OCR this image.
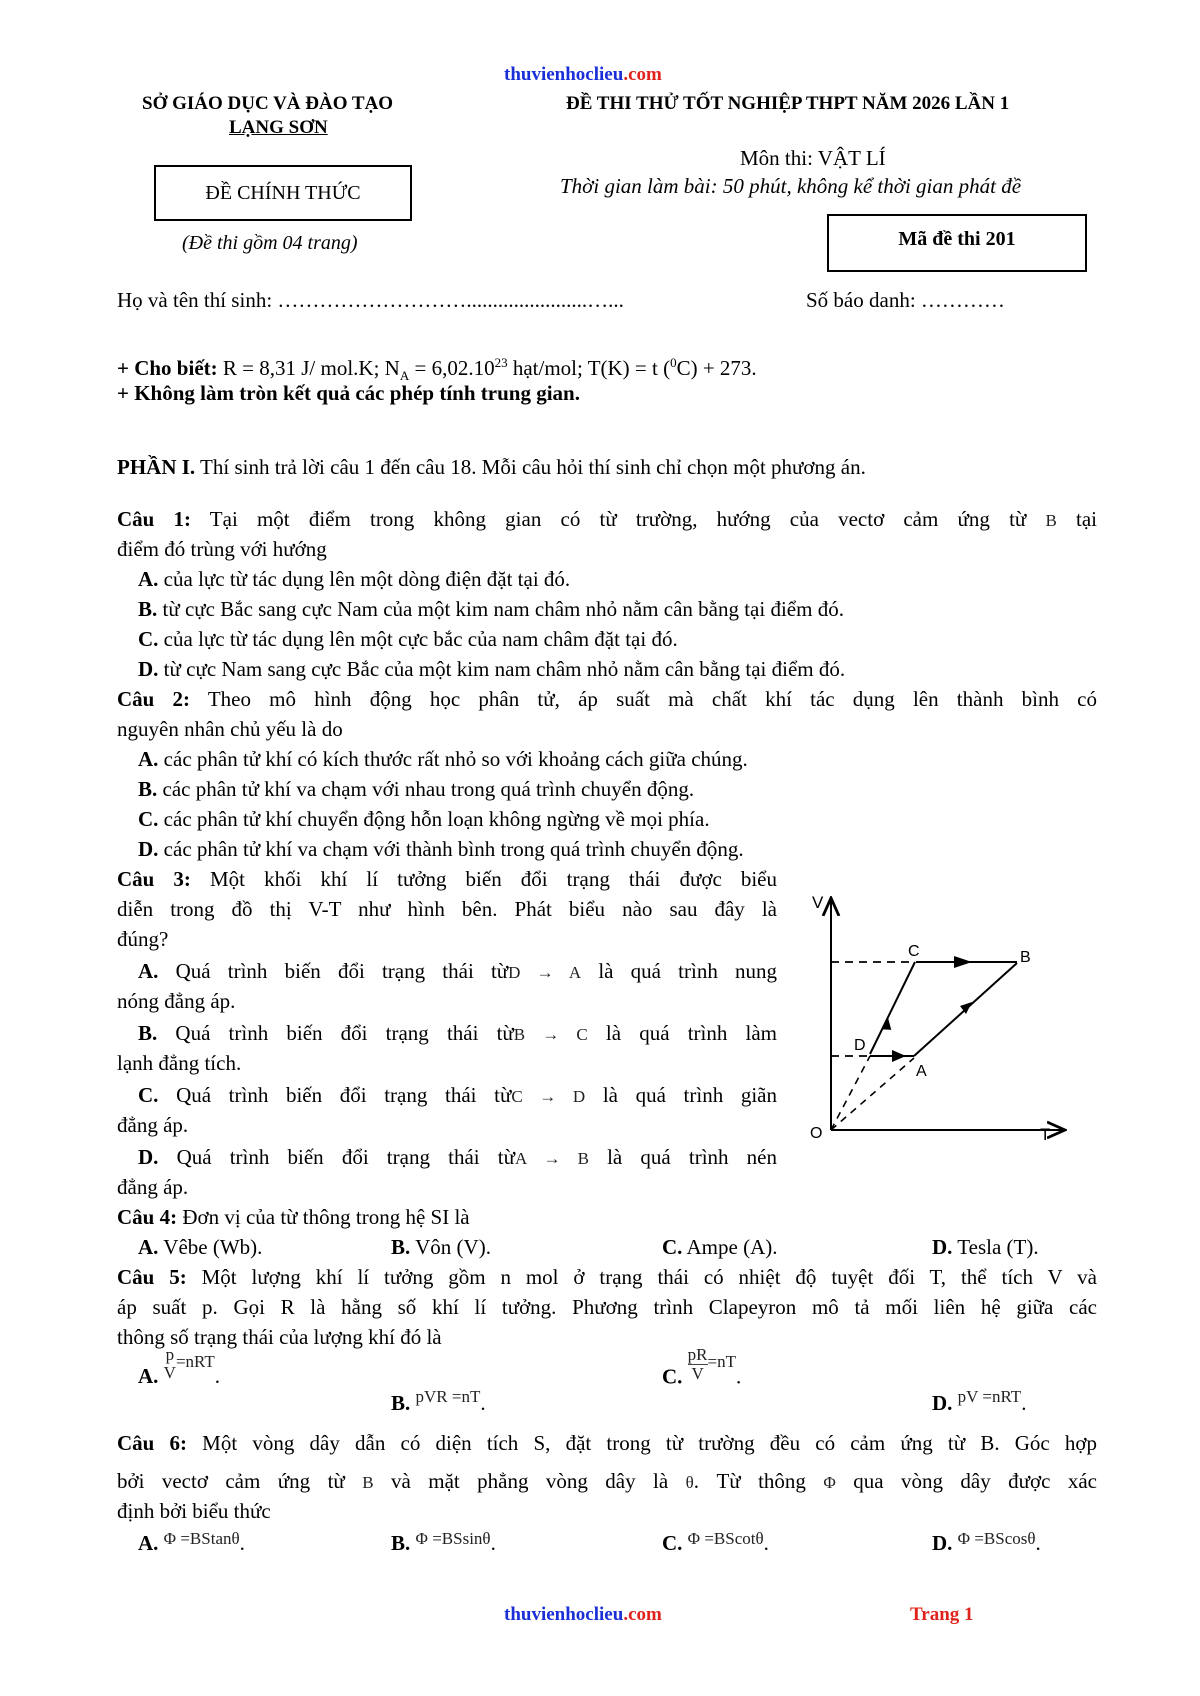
thuvienhoclieu.com
SỞ GIÁO DỤC VÀ ĐÀO TẠO
LẠNG SƠN
ĐỀ THI THỬ TỐT NGHIỆP THPT NĂM 2026 LẦN 1
ĐỀ CHÍNH THỨC
(Đề thi gồm 04 trang)
Môn thi: VẬT LÍ
Thời gian làm bài: 50 phút, không kể thời gian phát đề
Mã đề thi 201
Họ và tên thí sinh: ……………………….......................…...	Số báo danh: …………
+ Cho biết: R = 8,31 J/ mol.K; $N_A = 6,02.10^{23}$ hạt/mol; T(K) = t ($^0$C) + 273.
+ Không làm tròn kết quả các phép tính trung gian.
PHẦN I. Thí sinh trả lời câu 1 đến câu 18. Mỗi câu hỏi thí sinh chỉ chọn một phương án.
Câu 1: Tại một điểm trong không gian có từ trường, hướng của vectơ cảm ứng từ B tại
điểm đó trùng với hướng
A. của lực từ tác dụng lên một dòng điện đặt tại đó.
B. từ cực Bắc sang cực Nam của một kim nam châm nhỏ nằm cân bằng tại điểm đó.
C. của lực từ tác dụng lên một cực bắc của nam châm đặt tại đó.
D. từ cực Nam sang cực Bắc của một kim nam châm nhỏ nằm cân bằng tại điểm đó.
Câu 2: Theo mô hình động học phân tử, áp suất mà chất khí tác dụng lên thành bình có
nguyên nhân chủ yếu là do
A. các phân tử khí có kích thước rất nhỏ so với khoảng cách giữa chúng.
B. các phân tử khí va chạm với nhau trong quá trình chuyển động.
C. các phân tử khí chuyển động hỗn loạn không ngừng về mọi phía.
D. các phân tử khí va chạm với thành bình trong quá trình chuyển động.
Câu 3: Một khối khí lí tưởng biến đổi trạng thái được biểu
diễn trong đồ thị V-T như hình bên. Phát biểu nào sau đây là
đúng?
A. Quá trình biến đổi trạng thái từD → A là quá trình nung
nóng đẳng áp.
B. Quá trình biến đổi trạng thái từB → C là quá trình làm
lạnh đẳng tích.
C. Quá trình biến đổi trạng thái từC → D là quá trình giãn
đẳng áp.
D. Quá trình biến đổi trạng thái từA → B là quá trình nén
đẳng áp.
V
T
O
C	B
D
A
Câu 4: Đơn vị của từ thông trong hệ SI là
A. Vêbe (Wb).	B. Vôn (V).	C. Ampe (A).	D. Tesla (T).
Câu 5: Một lượng khí lí tưởng gồm n mol ở trạng thái có nhiệt độ tuyệt đối T, thể tích V và
áp suất p. Gọi R là hằng số khí lí tưởng. Phương trình Clapeyron mô tả mối liên hệ giữa các
thông số trạng thái của lượng khí đó là
A. p
$V^{=nRT}$.
B. $^{pVR =nT}$.
C. $\frac{pR}{V}^{=nT}$.
D. $^{pV =nRT}$.
Câu 6: Một vòng dây dẫn có diện tích S, đặt trong từ trường đều có cảm ứng từ B. Góc hợp
bởi vectơ cảm ứng từ B và mặt phẳng vòng dây là θ. Từ thông Φ qua vòng dây được xác
định bởi biểu thức
A. $^{\Phi =BStan\theta}$.	B. $^{\Phi =BSsin\theta}$.	C. $^{\Phi =BScot\theta}$.	D. $^{\Phi =BScos\theta}$.
thuvienhoclieu.com	Trang 1
